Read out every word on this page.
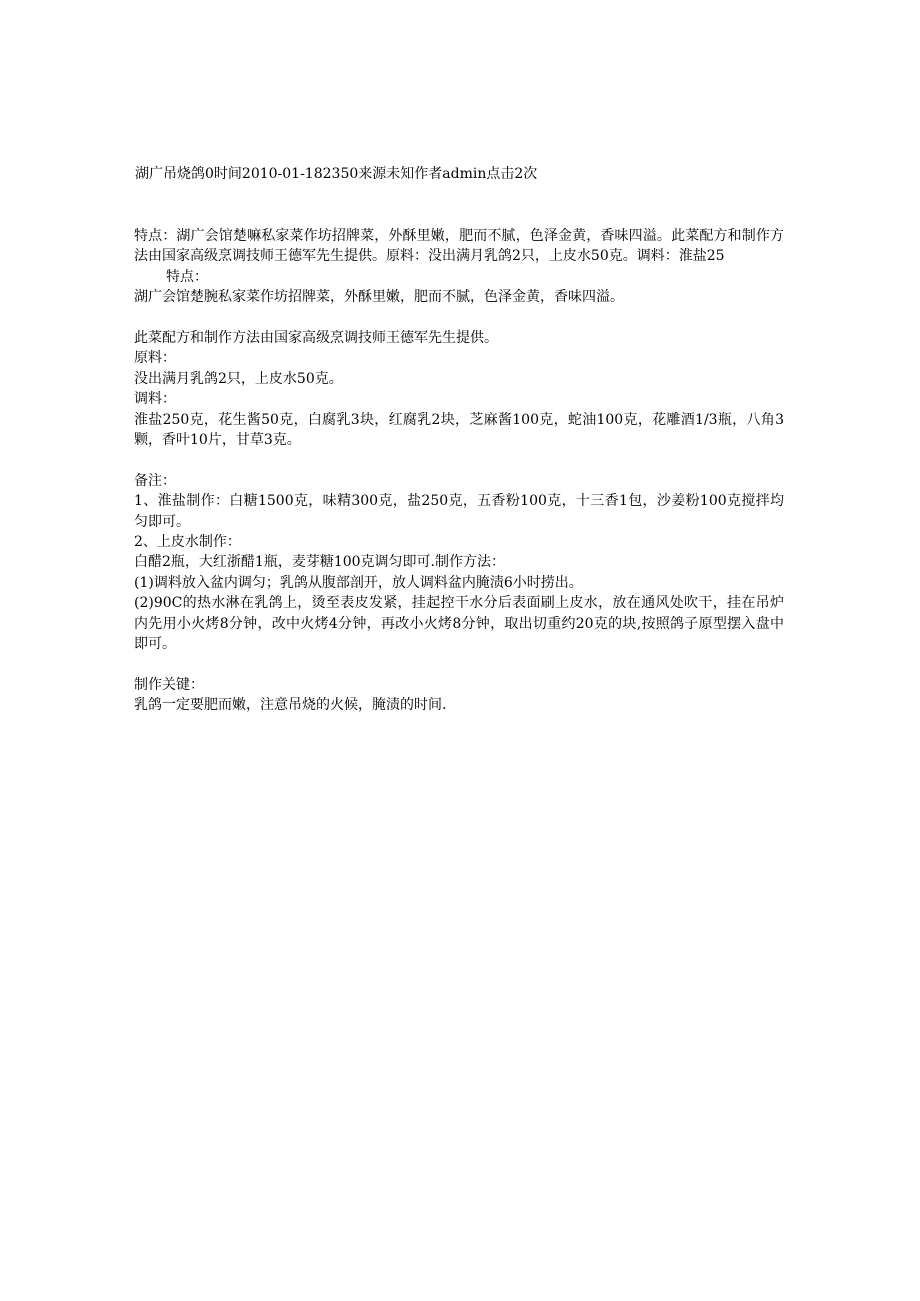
湖广吊烧鸽0时间2010-01-182350来源未知作者admin点击2次

特点：湖广会馆楚嘛私家菜作坊招牌菜，外酥里嫩，肥而不腻，色泽金黄，香味四溢。此菜配方和制作方法由国家高级烹调技师王德军先生提供。原料：没出满月乳鸽2只，上皮水50克。调料：淮盐25

特点：

湖广会馆楚腕私家菜作坊招牌菜，外酥里嫩，肥而不腻，色泽金黄，香味四溢。

此菜配方和制作方法由国家高级烹调技师王德军先生提供。

原料：

没出满月乳鸽2只，上皮水50克。

调料：

淮盐250克，花生酱50克，白腐乳3块，红腐乳2块，芝麻酱100克，蛇油100克，花雕酒1/3瓶，八角3颗，香叶10片，甘草3克。

备注：

1、淮盐制作：白糖1500克，味精300克，盐250克，五香粉100克，十三香1包，沙姜粉100克搅拌均匀即可。

2、上皮水制作：

白醋2瓶，大红浙醋1瓶，麦芽糖100克调匀即可.制作方法：

(1)调料放入盆内调匀；乳鸽从腹部剖开，放人调料盆内腌渍6小时捞出。

(2)90C的热水淋在乳鸽上，烫至表皮发紧，挂起控干水分后表面刷上皮水，放在通风处吹干，挂在吊炉内先用小火烤8分钟，改中火烤4分钟，再改小火烤8分钟，取出切重约20克的块,按照鸽子原型摆入盘中即可。

制作关键：

乳鸽一定要肥而嫩，注意吊烧的火候，腌渍的时间.
